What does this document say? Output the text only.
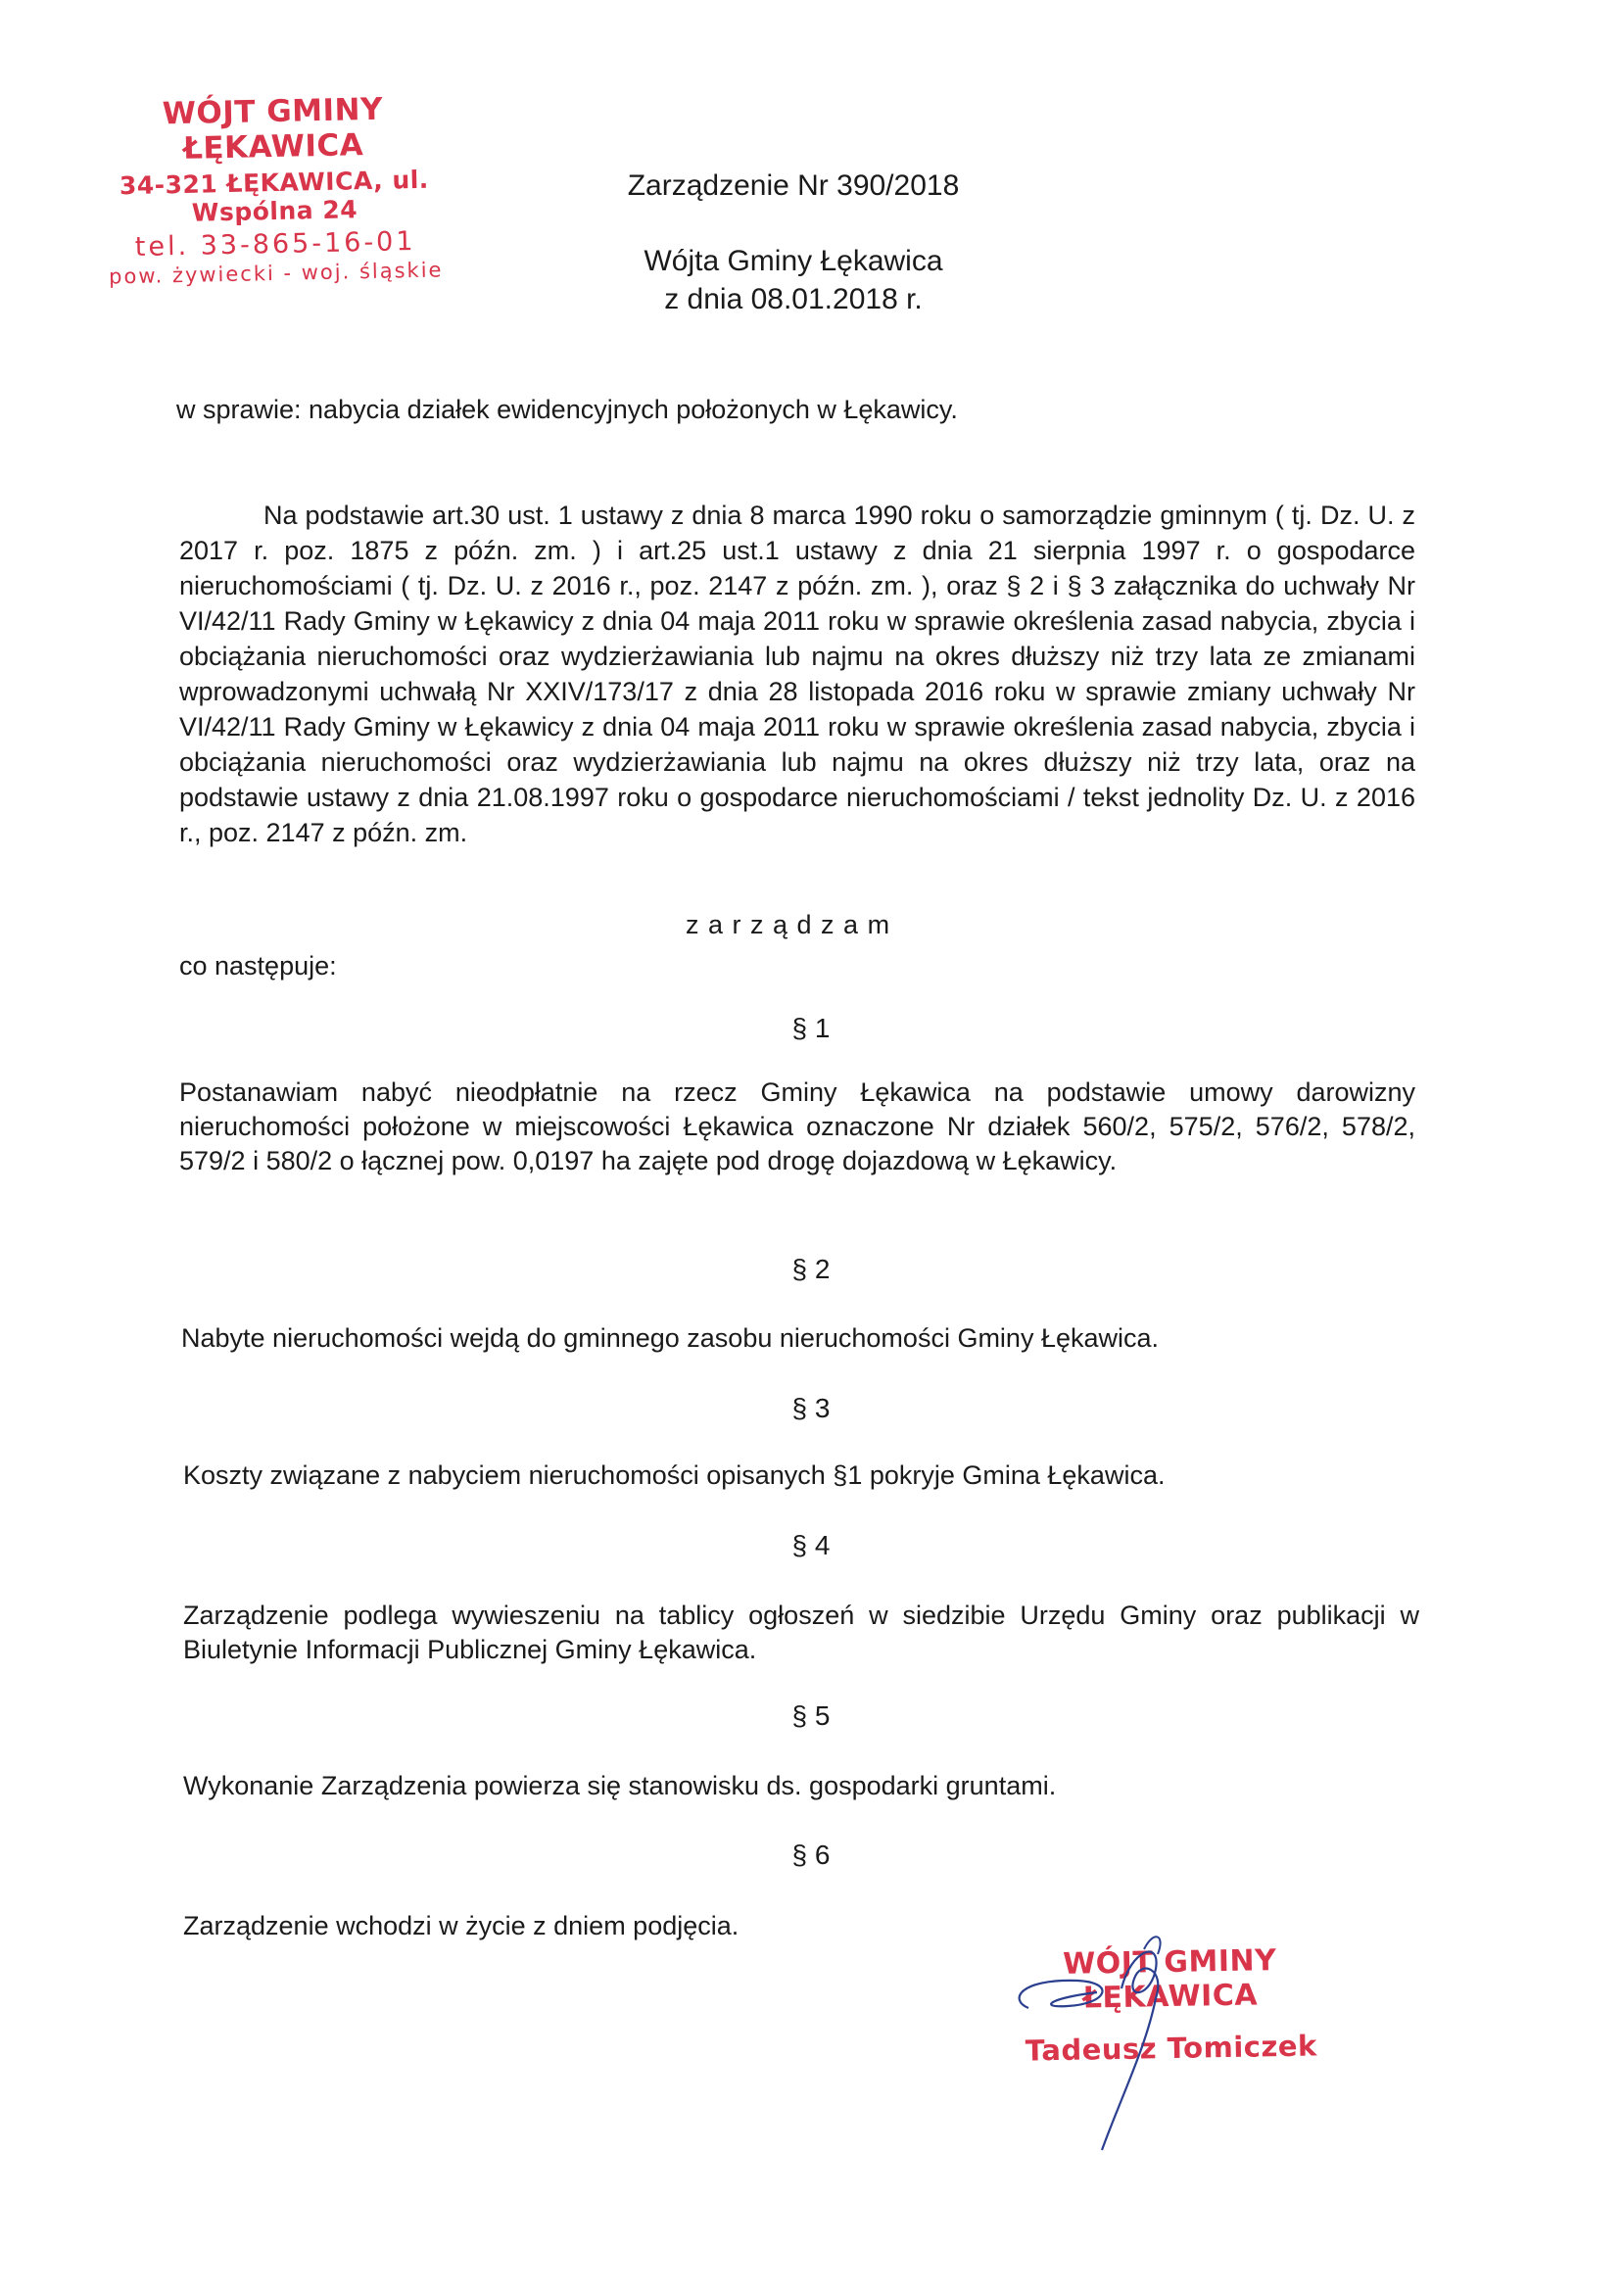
WÓJT GMINY ŁĘKAWICA
34-321 ŁĘKAWICA, ul. Wspólna 24
tel. 33-865-16-01
pow. żywiecki - woj. śląskie
Zarządzenie Nr 390/2018
Wójta Gminy Łękawica
z dnia 08.01.2018 r.
w sprawie: nabycia działek ewidencyjnych położonych w Łękawicy.
Na podstawie art.30 ust. 1 ustawy z dnia 8 marca 1990 roku o samorządzie gminnym ( tj. Dz. U. z 2017 r. poz. 1875 z późn. zm. ) i art.25 ust.1 ustawy z dnia 21 sierpnia 1997 r. o gospodarce nieruchomościami ( tj. Dz. U. z 2016 r., poz. 2147 z późn. zm. ), oraz § 2 i § 3 załącznika do uchwały Nr VI/42/11 Rady Gminy w Łękawicy z dnia 04 maja 2011 roku w sprawie określenia zasad nabycia, zbycia i obciążania nieruchomości oraz wydzierżawiania lub najmu na okres dłuższy niż trzy lata ze zmianami wprowadzonymi uchwałą Nr XXIV/173/17 z dnia 28 listopada 2016 roku w sprawie zmiany uchwały Nr VI/42/11 Rady Gminy w Łękawicy z dnia 04 maja 2011 roku w sprawie określenia zasad nabycia, zbycia i obciążania nieruchomości oraz wydzierżawiania lub najmu na okres dłuższy niż trzy lata, oraz na podstawie ustawy z dnia 21.08.1997 roku o gospodarce nieruchomościami / tekst jednolity Dz. U. z 2016 r., poz. 2147 z późn. zm.
z a r z ą d z a m
co następuje:
§ 1
Postanawiam nabyć nieodpłatnie na rzecz Gminy Łękawica na podstawie umowy darowizny nieruchomości położone w miejscowości Łękawica oznaczone Nr działek 560/2, 575/2, 576/2, 578/2, 579/2 i 580/2 o łącznej pow. 0,0197 ha zajęte pod drogę dojazdową w Łękawicy.
§ 2
Nabyte nieruchomości wejdą do gminnego zasobu nieruchomości Gminy Łękawica.
§ 3
Koszty związane z nabyciem nieruchomości opisanych §1 pokryje Gmina Łękawica.
§ 4
Zarządzenie podlega wywieszeniu na tablicy ogłoszeń w siedzibie Urzędu Gminy oraz publikacji w Biuletynie Informacji Publicznej Gminy Łękawica.
§ 5
Wykonanie Zarządzenia powierza się stanowisku ds. gospodarki gruntami.
§ 6
Zarządzenie wchodzi w życie z dniem podjęcia.
WÓJT GMINY ŁĘKAWICA
Tadeusz Tomiczek
